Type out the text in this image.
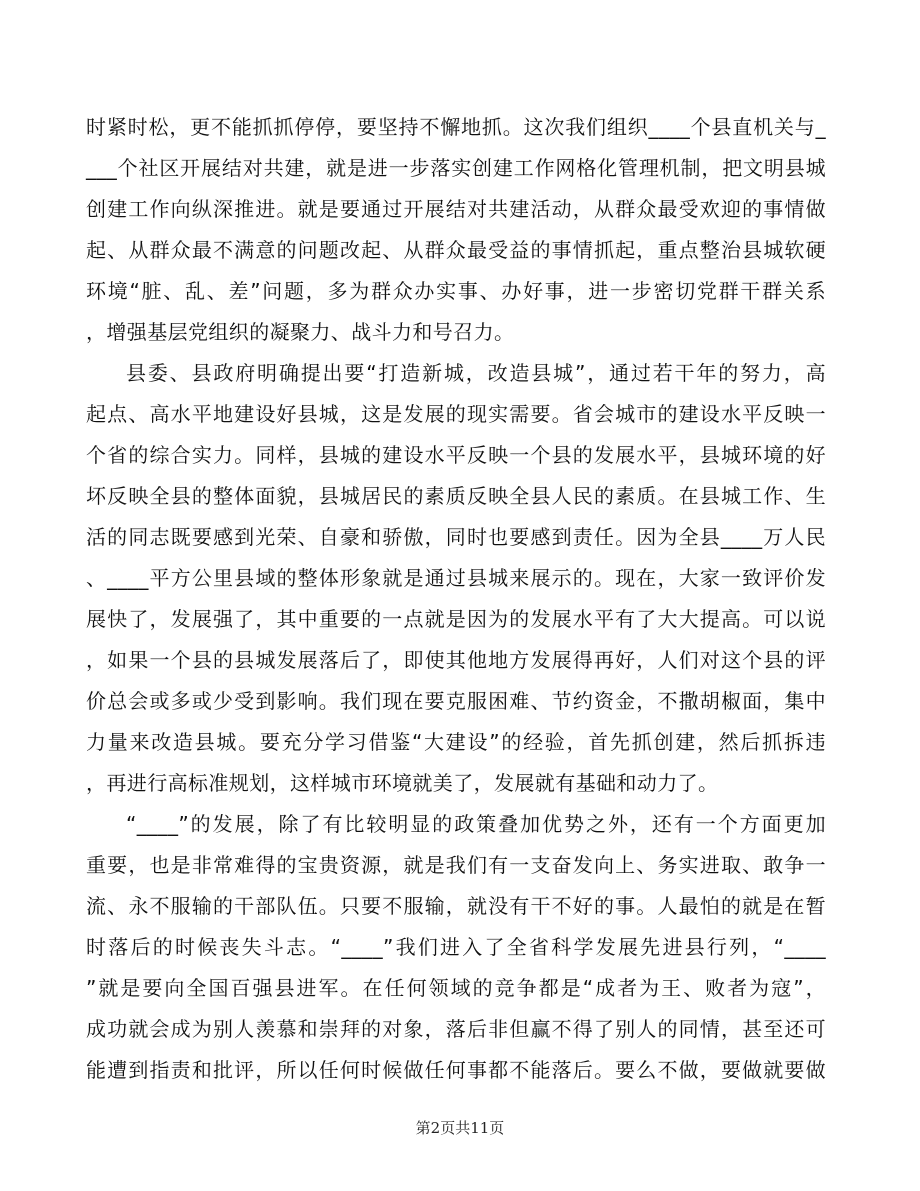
时紧时松，更不能抓抓停停，要坚持不懈地抓。这次我们组织____个县直机关与_
___个社区开展结对共建，就是进一步落实创建工作网格化管理机制，把文明县城
创建工作向纵深推进。就是要通过开展结对共建活动，从群众最受欢迎的事情做
起、从群众最不满意的问题改起、从群众最受益的事情抓起，重点整治县城软硬
环境“脏、乱、差”问题，多为群众办实事、办好事，进一步密切党群干群关系
，增强基层党组织的凝聚力、战斗力和号召力。
县委、县政府明确提出要“打造新城，改造县城”，通过若干年的努力，高
起点、高水平地建设好县城，这是发展的现实需要。省会城市的建设水平反映一
个省的综合实力。同样，县城的建设水平反映一个县的发展水平，县城环境的好
坏反映全县的整体面貌，县城居民的素质反映全县人民的素质。在县城工作、生
活的同志既要感到光荣、自豪和骄傲，同时也要感到责任。因为全县____万人民
、____平方公里县域的整体形象就是通过县城来展示的。现在，大家一致评价发
展快了，发展强了，其中重要的一点就是因为的发展水平有了大大提高。可以说
，如果一个县的县城发展落后了，即使其他地方发展得再好，人们对这个县的评
价总会或多或少受到影响。我们现在要克服困难、节约资金，不撒胡椒面，集中
力量来改造县城。要充分学习借鉴“大建设”的经验，首先抓创建，然后抓拆违
，再进行高标准规划，这样城市环境就美了，发展就有基础和动力了。
“____”的发展，除了有比较明显的政策叠加优势之外，还有一个方面更加
重要，也是非常难得的宝贵资源，就是我们有一支奋发向上、务实进取、敢争一
流、永不服输的干部队伍。只要不服输，就没有干不好的事。人最怕的就是在暂
时落后的时候丧失斗志。“____”我们进入了全省科学发展先进县行列，“____
”就是要向全国百强县进军。在任何领域的竞争都是“成者为王、败者为寇”，
成功就会成为别人羡慕和崇拜的对象，落后非但赢不得了别人的同情，甚至还可
能遭到指责和批评，所以任何时候做任何事都不能落后。要么不做，要做就要做
第2页共11页
